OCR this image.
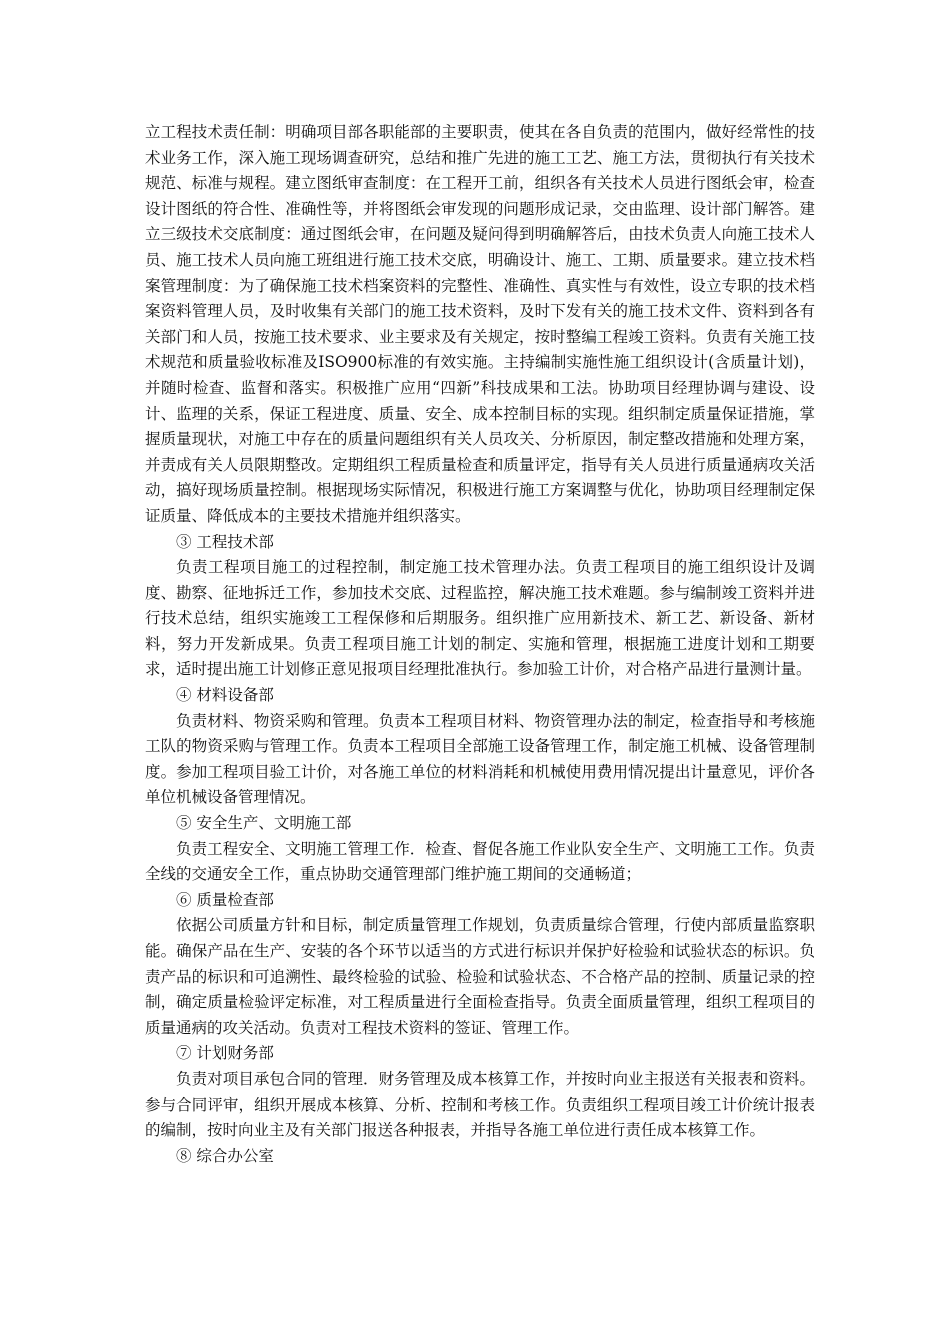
立工程技术责任制：明确项目部各职能部的主要职责，使其在各自负责的范围内，做好经常性的技术业务工作，深入施工现场调查研究，总结和推广先进的施工工艺、施工方法，贯彻执行有关技术规范、标准与规程。建立图纸审查制度：在工程开工前，组织各有关技术人员进行图纸会审，检查设计图纸的符合性、准确性等，并将图纸会审发现的问题形成记录，交由监理、设计部门解答。建立三级技术交底制度：通过图纸会审，在问题及疑问得到明确解答后，由技术负责人向施工技术人员、施工技术人员向施工班组进行施工技术交底，明确设计、施工、工期、质量要求。建立技术档案管理制度：为了确保施工技术档案资料的完整性、准确性、真实性与有效性，设立专职的技术档案资料管理人员，及时收集有关部门的施工技术资料，及时下发有关的施工技术文件、资料到各有关部门和人员，按施工技术要求、业主要求及有关规定，按时整编工程竣工资料。负责有关施工技术规范和质量验收标准及ISO900标准的有效实施。主持编制实施性施工组织设计(含质量计划)，并随时检查、监督和落实。积极推广应用“四新”科技成果和工法。协助项目经理协调与建设、设计、监理的关系，保证工程进度、质量、安全、成本控制目标的实现。组织制定质量保证措施，掌握质量现状，对施工中存在的质量问题组织有关人员攻关、分析原因，制定整改措施和处理方案，并责成有关人员限期整改。定期组织工程质量检查和质量评定，指导有关人员进行质量通病攻关活动，搞好现场质量控制。根据现场实际情况，积极进行施工方案调整与优化，协助项目经理制定保证质量、降低成本的主要技术措施并组织落实。

③ 工程技术部

负责工程项目施工的过程控制，制定施工技术管理办法。负责工程项目的施工组织设计及调度、勘察、征地拆迁工作，参加技术交底、过程监控，解决施工技术难题。参与编制竣工资料并进行技术总结，组织实施竣工工程保修和后期服务。组织推广应用新技术、新工艺、新设备、新材料，努力开发新成果。负责工程项目施工计划的制定、实施和管理，根据施工进度计划和工期要求，适时提出施工计划修正意见报项目经理批准执行。参加验工计价，对合格产品进行量测计量。

④ 材料设备部

负责材料、物资采购和管理。负责本工程项目材料、物资管理办法的制定，检查指导和考核施工队的物资采购与管理工作。负责本工程项目全部施工设备管理工作，制定施工机械、设备管理制度。参加工程项目验工计价，对各施工单位的材料消耗和机械使用费用情况提出计量意见，评价各单位机械设备管理情况。

⑤ 安全生产、文明施工部

负责工程安全、文明施工管理工作．检查、督促各施工作业队安全生产、文明施工工作。负责全线的交通安全工作，重点协助交通管理部门维护施工期间的交通畅道；

⑥ 质量检查部

依据公司质量方针和目标，制定质量管理工作规划，负责质量综合管理，行使内部质量监察职能。确保产品在生产、安装的各个环节以适当的方式进行标识并保护好检验和试验状态的标识。负责产品的标识和可追溯性、最终检验的试验、检验和试验状态、不合格产品的控制、质量记录的控制，确定质量检验评定标准，对工程质量进行全面检查指导。负责全面质量管理，组织工程项目的质量通病的攻关活动。负责对工程技术资料的签证、管理工作。

⑦ 计划财务部

负责对项目承包合同的管理．财务管理及成本核算工作，并按时向业主报送有关报表和资料。参与合同评审，组织开展成本核算、分析、控制和考核工作。负责组织工程项目竣工计价统计报表的编制，按时向业主及有关部门报送各种报表，并指导各施工单位进行责任成本核算工作。

⑧ 综合办公室
